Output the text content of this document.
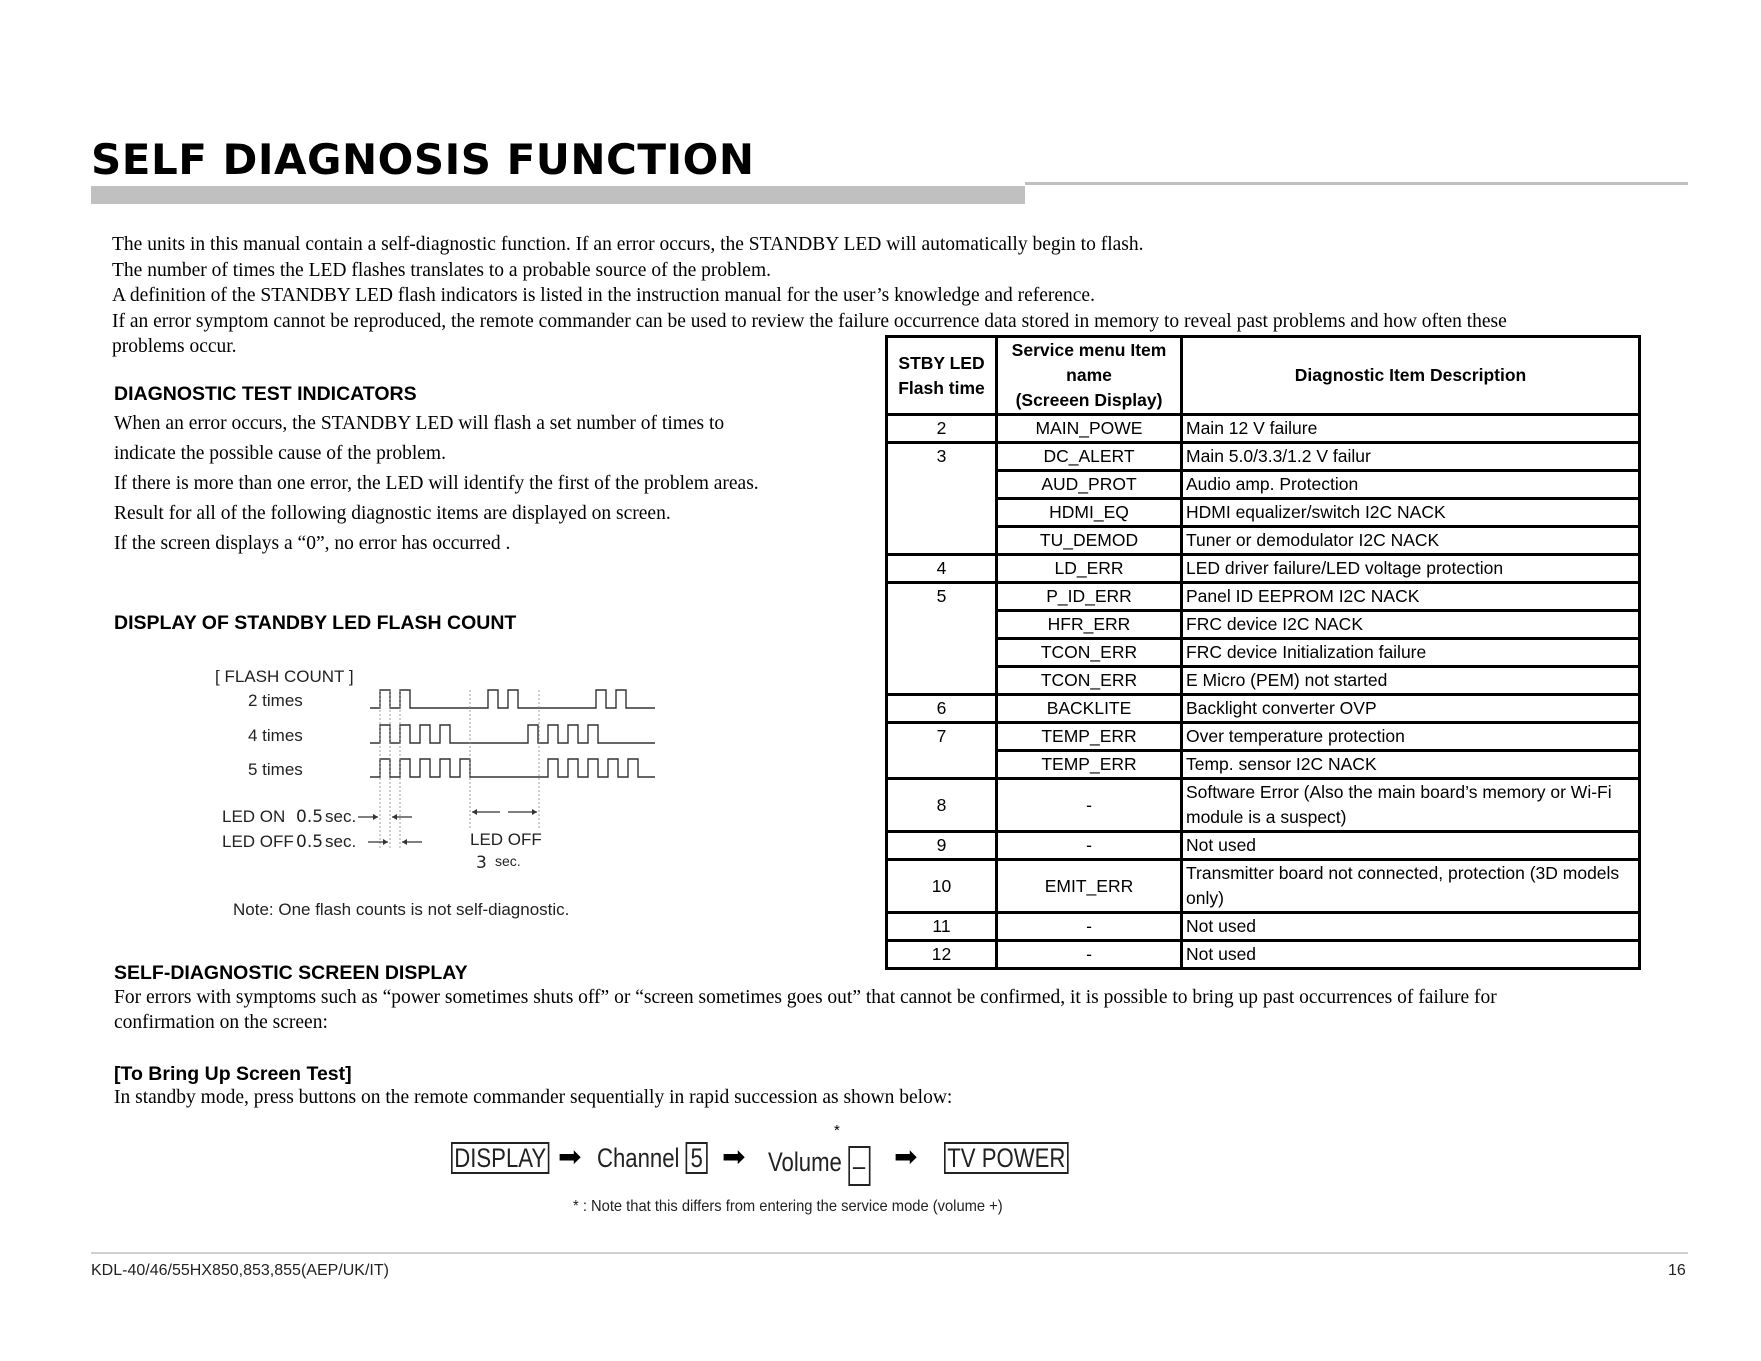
SELF DIAGNOSIS FUNCTION

The units in this manual contain a self-diagnostic function. If an error occurs, the STANDBY LED will automatically begin to flash.

The number of times the LED flashes translates to a probable source of the problem.

A definition of the STANDBY LED flash indicators is listed in the instruction manual for the user’s knowledge and reference.

If an error symptom cannot be reproduced, the remote commander can be used to review the failure occurrence data stored in memory to reveal past problems and how often these

problems occur.

DIAGNOSTIC TEST INDICATORS
When an error occurs, the STANDBY LED will flash a set number of times to
indicate the possible cause of the problem.
If there is more than one error, the LED will identify the first of the problem areas.
Result for all of the following diagnostic items are displayed on screen.
If the screen displays a “0”, no error has occurred .
DISPLAY OF STANDBY LED FLASH COUNT
[ FLASH COUNT ]
2 times
4 times
5 times
LED ON 0.5 sec.
LED OFF 0.5 sec.	LED OFF
3 sec.
Note: One flash counts is not self-diagnostic.
STBY LED
Flash time	Service menu Item
name
(Screeen Display)	Diagnostic Item Description
2	MAIN_POWE	Main 12 V failure
3	DC_ALERT	Main 5.0/3.3/1.2 V failur
	AUD_PROT	Audio amp. Protection
	HDMI_EQ	HDMI equalizer/switch I2C NACK
	TU_DEMOD	Tuner or demodulator I2C NACK
4	LD_ERR	LED driver failure/LED voltage protection
5	P_ID_ERR	Panel ID EEPROM I2C NACK
	HFR_ERR	FRC device I2C NACK
	TCON_ERR	FRC device Initialization failure
	TCON_ERR	E Micro (PEM) not started
6	BACKLITE	Backlight converter OVP
7	TEMP_ERR	Over temperature protection
	TEMP_ERR	Temp. sensor I2C NACK
8	-	Software Error (Also the main board’s memory or Wi-Fi module is a suspect)
9	-	Not used
10	EMIT_ERR	Transmitter board not connected, protection (3D models only)
11	-	Not used
12	-	Not used
SELF-DIAGNOSTIC SCREEN DISPLAY
For errors with symptoms such as “power sometimes shuts off” or “screen sometimes goes out” that cannot be confirmed, it is possible to bring up past occurrences of failure for
confirmation on the screen:
[To Bring Up Screen Test]
In standby mode, press buttons on the remote commander sequentially in rapid succession as shown below:
DISPLAY ➡ Channel 5 ➡ Volume –
*
➡ TV POWER
* : Note that this differs from entering the service mode (volume +)
KDL-40/46/55HX850,853,855(AEP/UK/IT)	16
